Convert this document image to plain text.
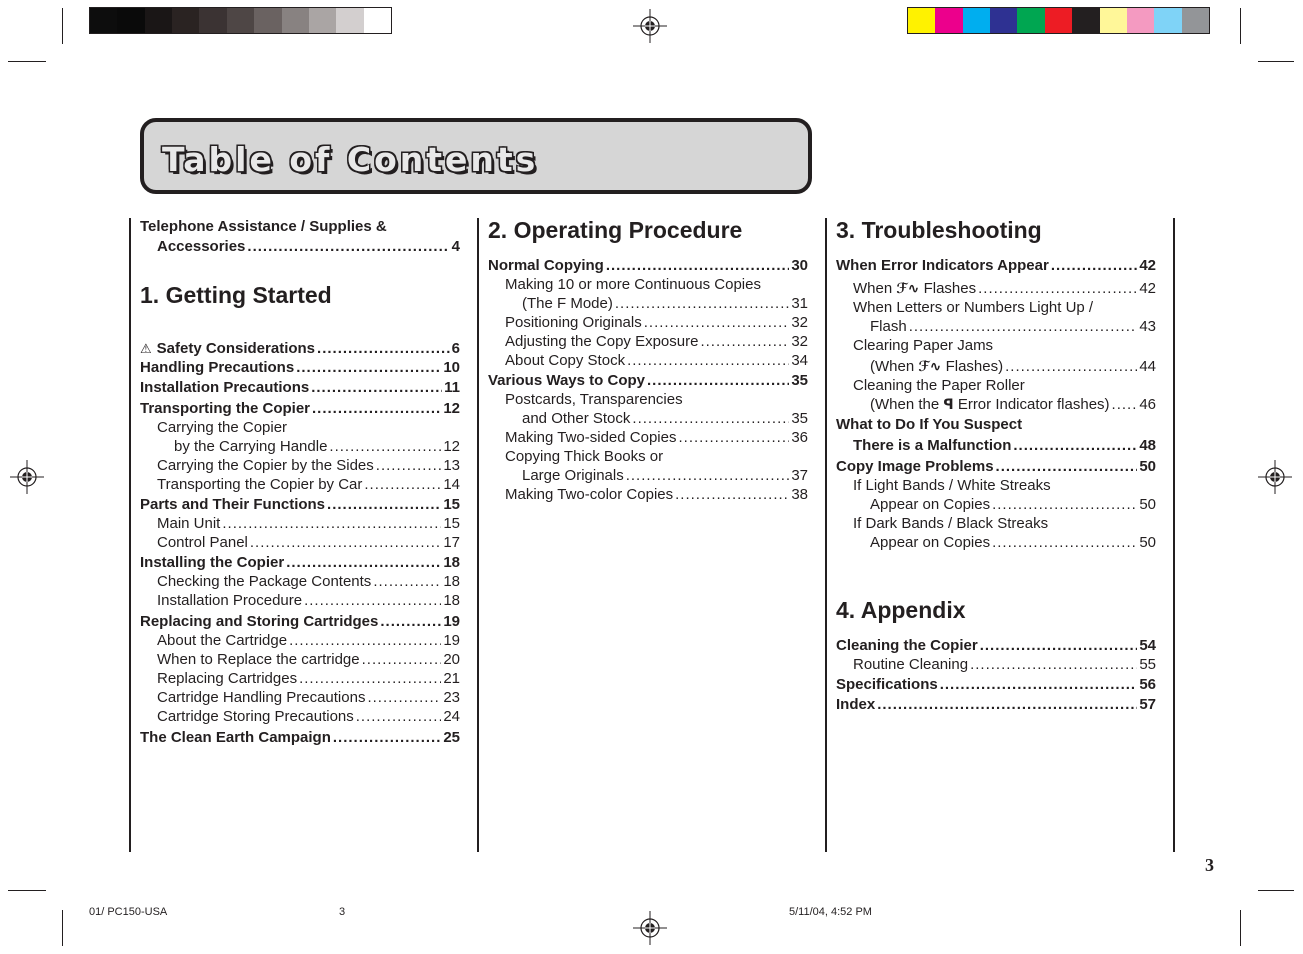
Table of Contents
Telephone Assistance / Supplies &
Accessories .....	4
1. Getting Started
⚠ Safety Considerations .....	6
Handling Precautions .....	10
Installation Precautions .....	11
Transporting the Copier .....	12
Carrying the Copier
by the Carrying Handle .....	12
Carrying the Copier by the Sides .....	13
Transporting the Copier by Car .....	14
Parts and Their Functions .....	15
Main Unit .....	15
Control Panel .....	17
Installing the Copier .....	18
Checking the Package Contents .....	18
Installation Procedure .....	18
Replacing and Storing Cartridges .....	19
About the Cartridge .....	19
When to Replace the cartridge .....	20
Replacing Cartridges .....	21
Cartridge Handling Precautions .....	23
Cartridge Storing Precautions .....	24
The Clean Earth Campaign .....	25
2. Operating Procedure
Normal Copying .....	30
Making 10 or more Continuous Copies
(The F Mode) .....	31
Positioning Originals .....	32
Adjusting the Copy Exposure .....	32
About Copy Stock .....	34
Various Ways to Copy .....	35
Postcards, Transparencies
and Other Stock .....	35
Making Two-sided Copies .....	36
Copying Thick Books or
Large Originals .....	37
Making Two-color Copies .....	38
3. Troubleshooting
When Error Indicators Appear .....	42
When ℱ∿ Flashes .....	42
When Letters or Numbers Light Up /
Flash .....	43
Clearing Paper Jams
(When ℱ∿ Flashes) .....	44
Cleaning the Paper Roller
(When the ꟼ Error Indicator flashes) ..... 46
What to Do If You Suspect
There is a Malfunction .....	48
Copy Image Problems .....	50
If Light Bands / White Streaks
Appear on Copies .....	50
If Dark Bands / Black Streaks
Appear on Copies .....	50
4. Appendix
Cleaning the Copier .....	54
Routine Cleaning .....	55
Specifications .....	56
Index .....	57
3
01/ PC150-USA	3	5/11/04, 4:52 PM
